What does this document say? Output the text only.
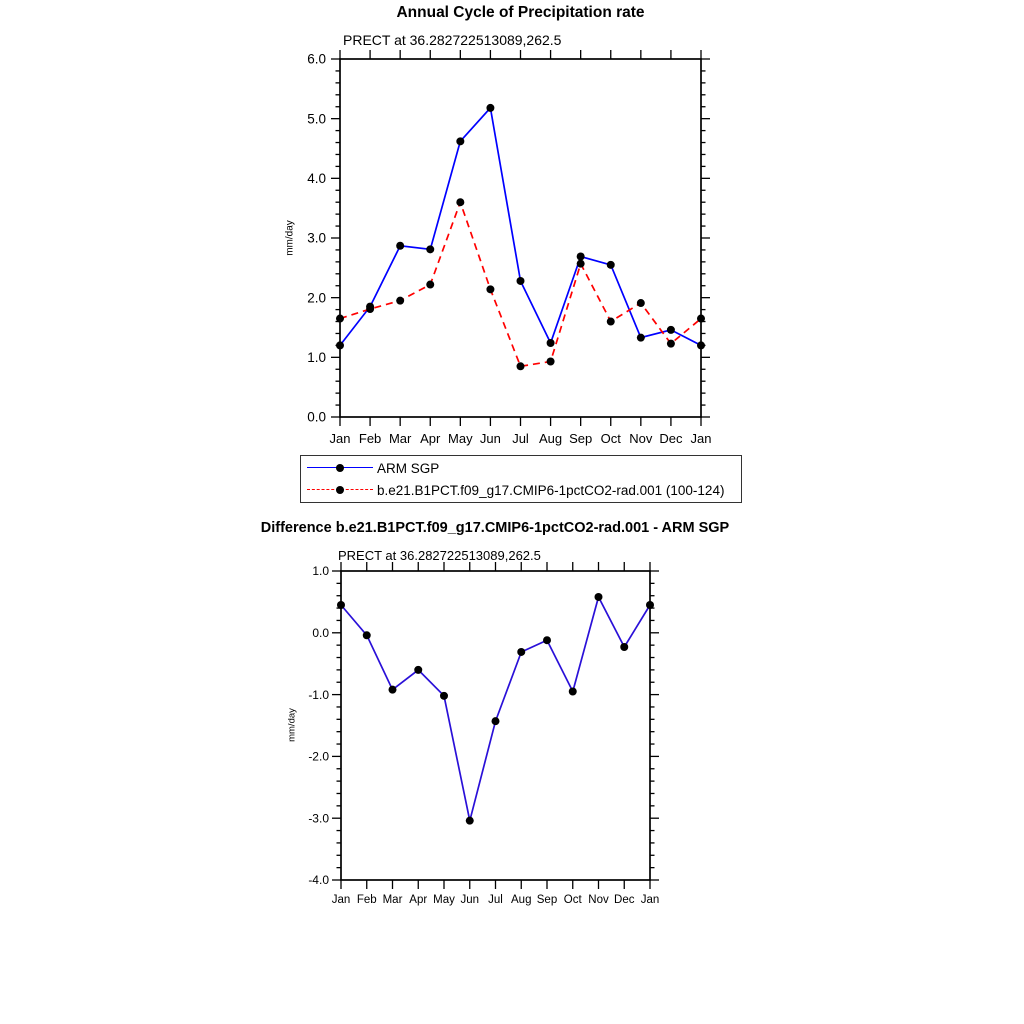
0.0
1.0
2.0
3.0
4.0
5.0
6.0
Jan Feb Mar Apr May Jun Jul Aug Sep Oct Nov Dec Jan
-4.0
-3.0
-2.0
-1.0
0.0
1.0
Jan Feb Mar Apr May Jun Jul Aug Sep Oct Nov Dec Jan
Annual Cycle of Precipitation rate
PRECT at 36.282722513089,262.5
mm/day
ARM SGP
b.e21.B1PCT.f09_g17.CMIP6-1pctCO2-rad.001 (100-124)
Difference b.e21.B1PCT.f09_g17.CMIP6-1pctCO2-rad.001 - ARM SGP
PRECT at 36.282722513089,262.5
mm/day
